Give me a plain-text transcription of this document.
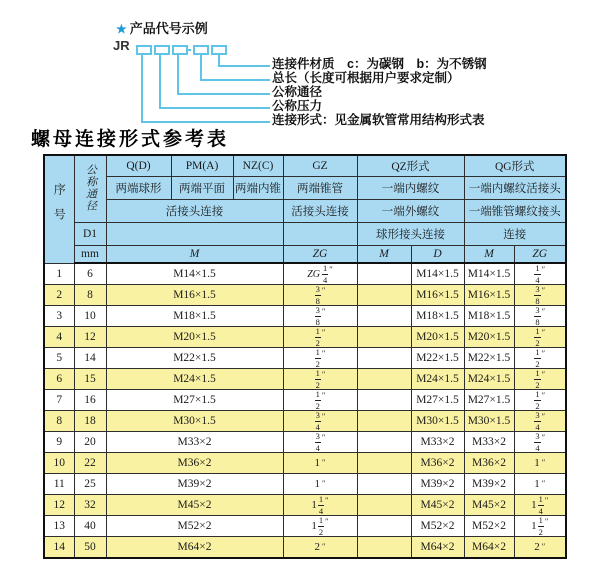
★ 产品代号示例
JR
连接件材质　c：为碳钢　b：为不锈钢
总长（长度可根据用户要求定制）
公称通径
公称压力
连接形式：见金属软管常用结构形式表
螺母连接形式参考表
序号	公称通径	Q(D)	PM(A)	NZ(C)	GZ	QZ形式		QG形式	
		两端球形	两端平面	两端内锥	两端锥管	一端内螺纹		一端内螺纹活接头	
		活接头连接			活接头连接	一端外螺纹		一端锥管螺纹接头	
	D1					球形接头连接		连接	
	mm	M			ZG	M	D	M	ZG
1	6	M14×1.5			ZG $\frac{1}{4} ''$		M14×1.5	M14×1.5	$\frac{1}{4} ''$
2	8	M16×1.5			$\frac{3}{8} ''$		M16×1.5	M16×1.5	$\frac{3}{8} ''$
3	10	M18×1.5			$\frac{3}{8} ''$		M18×1.5	M18×1.5	$\frac{3}{8} ''$
4	12	M20×1.5			$\frac{1}{2} ''$		M20×1.5	M20×1.5	$\frac{1}{2} ''$
5	14	M22×1.5			$\frac{1}{2} ''$		M22×1.5	M22×1.5	$\frac{1}{2} ''$
6	15	M24×1.5			$\frac{1}{2} ''$		M24×1.5	M24×1.5	$\frac{1}{2} ''$
7	16	M27×1.5			$\frac{1}{2} ''$		M27×1.5	M27×1.5	$\frac{1}{2} ''$
8	18	M30×1.5			$\frac{3}{4} ''$		M30×1.5	M30×1.5	$\frac{3}{4} ''$
9	20	M33×2			$\frac{3}{4} ''$		M33×2	M33×2	$\frac{3}{4} ''$
10	22	M36×2			1 ″		M36×2	M36×2	1 ″
11	25	M39×2			1 ″		M39×2	M39×2	1 ″
12	32	M45×2			$1 \frac{1}{4} ''$		M45×2	M45×2	$1 \frac{1}{4} ''$
13	40	M52×2			$1 \frac{1}{2} ''$		M52×2	M52×2	$1 \frac{1}{2} ''$
14	50	M64×2			2 ″		M64×2	M64×2	2 ″
